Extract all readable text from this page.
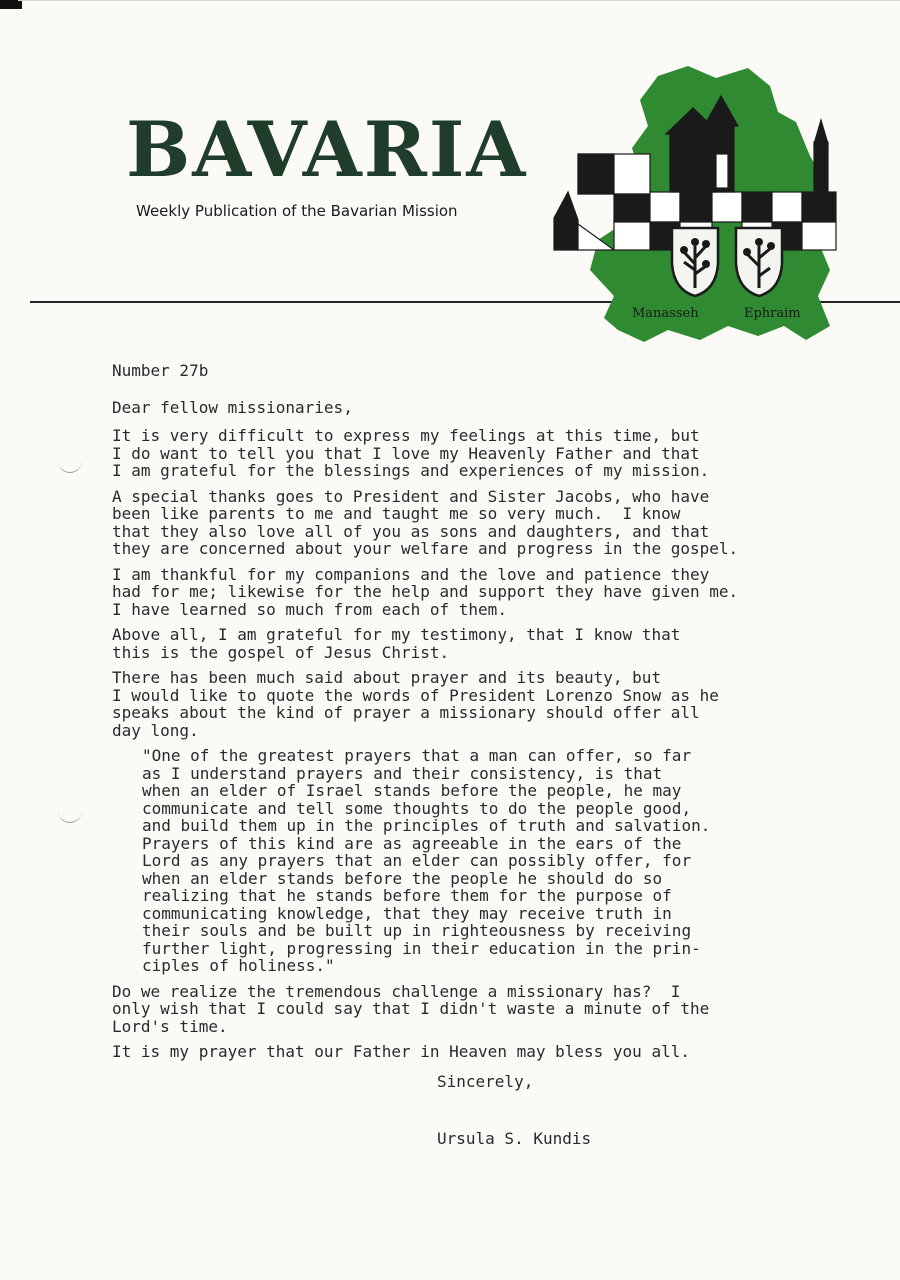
BAVARIA

Weekly Publication of the Bavarian Mission

Manasseh	Ephraim

Number 27b

Dear fellow missionaries,

It is very difficult to express my feelings at this time, but
I do want to tell you that I love my Heavenly Father and that
I am grateful for the blessings and experiences of my mission.

A special thanks goes to President and Sister Jacobs, who have
been like parents to me and taught me so very much.  I know
that they also love all of you as sons and daughters, and that
they are concerned about your welfare and progress in the gospel.

I am thankful for my companions and the love and patience they
had for me; likewise for the help and support they have given me.
I have learned so much from each of them.

Above all, I am grateful for my testimony, that I know that
this is the gospel of Jesus Christ.

There has been much said about prayer and its beauty, but
I would like to quote the words of President Lorenzo Snow as he
speaks about the kind of prayer a missionary should offer all
day long.

"One of the greatest prayers that a man can offer, so far
as I understand prayers and their consistency, is that
when an elder of Israel stands before the people, he may
communicate and tell some thoughts to do the people good,
and build them up in the principles of truth and salvation.
Prayers of this kind are as agreeable in the ears of the
Lord as any prayers that an elder can possibly offer, for
when an elder stands before the people he should do so
realizing that he stands before them for the purpose of
communicating knowledge, that they may receive truth in
their souls and be built up in righteousness by receiving
further light, progressing in their education in the prin-
ciples of holiness."

Do we realize the tremendous challenge a missionary has?  I
only wish that I could say that I didn't waste a minute of the
Lord's time.

It is my prayer that our Father in Heaven may bless you all.

Sincerely,

Ursula S. Kundis
